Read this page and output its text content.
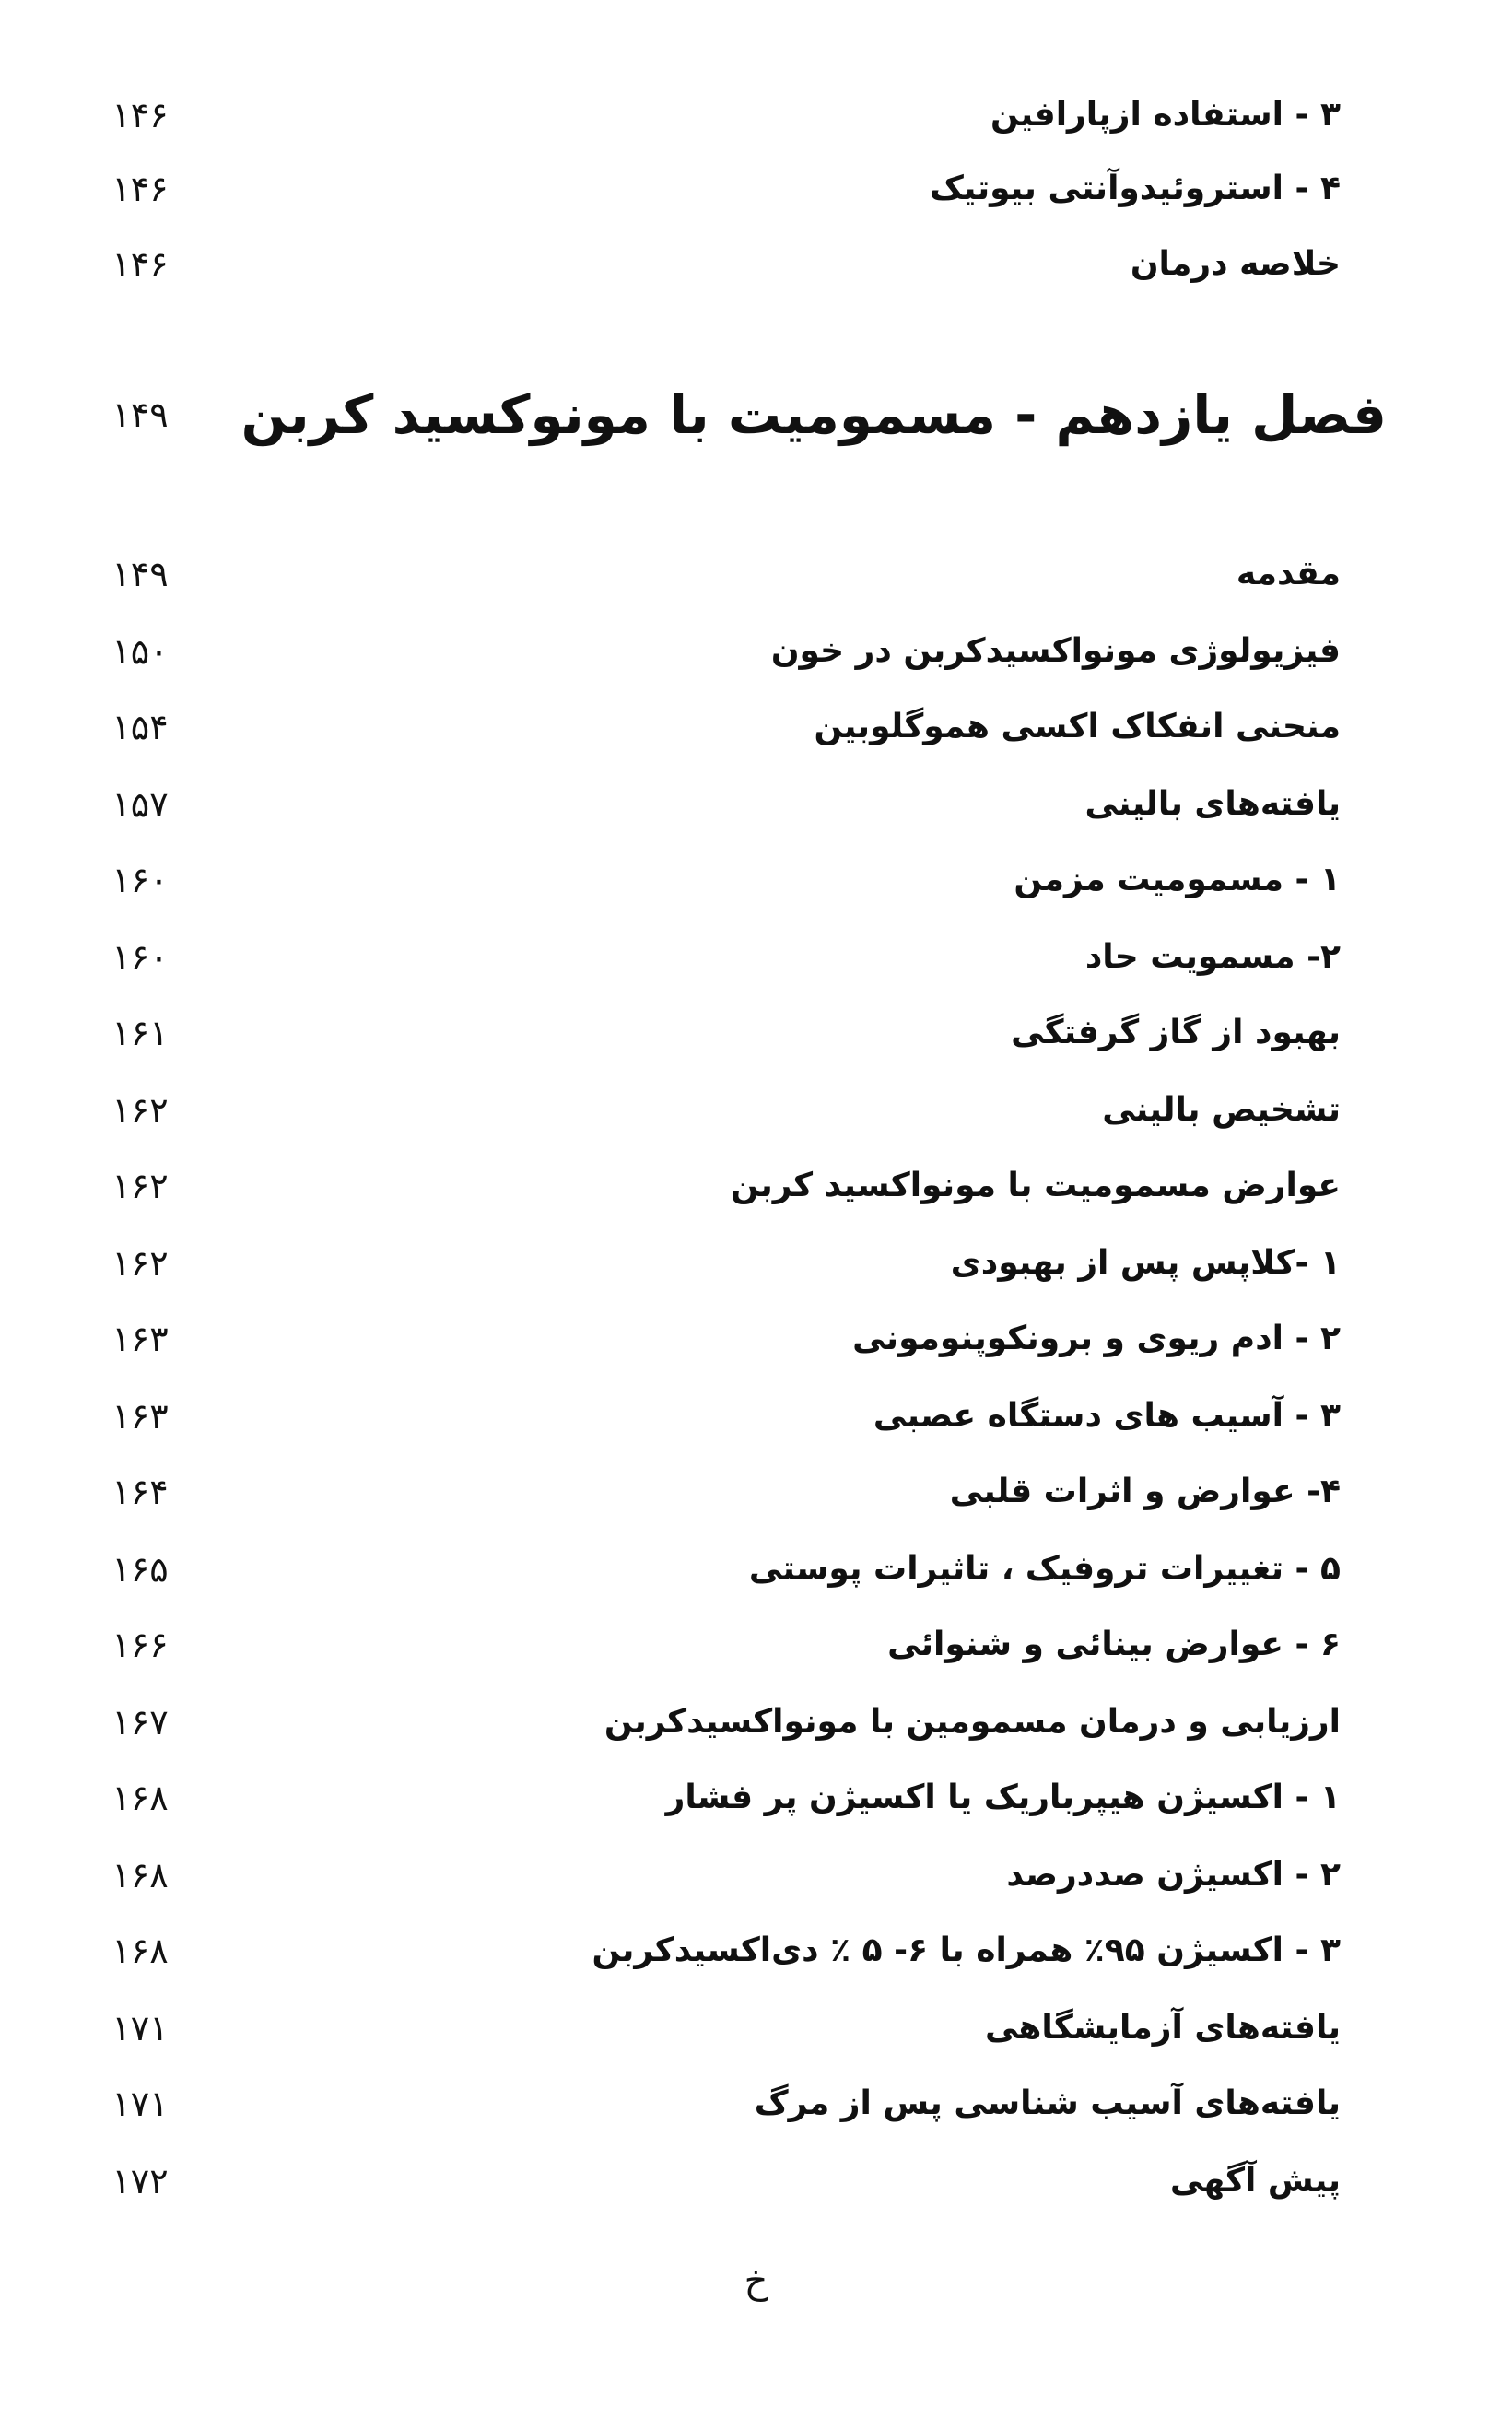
۳ - استفاده ازپارافین
۱۴۶
۴ - استروئیدوآنتی بیوتیک
۱۴۶
خلاصه درمان
۱۴۶
فصل یازدهم - مسمومیت با مونوکسید کربن
۱۴۹
مقدمه
۱۴۹
فیزیولوژی مونواکسیدکربن در خون
۱۵۰
منحنی انفکاک اکسی هموگلوبین
۱۵۴
یافته‌های بالینی
۱۵۷
۱ - مسمومیت مزمن
۱۶۰
۲- مسمویت حاد
۱۶۰
بهبود از گاز گرفتگی
۱۶۱
تشخیص بالینی
۱۶۲
عوارض مسمومیت با مونواکسید کربن
۱۶۲
۱ -کلاپس پس از بهبودی
۱۶۲
۲ - ادم ریوی و برونکوپنومونی
۱۶۳
۳ - آسیب های دستگاه عصبی
۱۶۳
۴- عوارض و اثرات قلبی
۱۶۴
۵ - تغییرات تروفیک ، تاثیرات پوستی
۱۶۵
۶ - عوارض بینائی و شنوائی
۱۶۶
ارزیابی و درمان مسمومین با مونواکسیدکربن
۱۶۷
۱ - اکسیژن هیپرباریک یا اکسیژن پر فشار
۱۶۸
۲ - اکسیژن صددرصد
۱۶۸
۳ - اکسیژن ۹۵٪ همراه با ۶- ۵ ٪ دی‌اکسیدکربن
۱۶۸
یافته‌های آزمایشگاهی
۱۷۱
یافته‌های آسیب شناسی پس از مرگ
۱۷۱
پیش آگهی
۱۷۲
خ
